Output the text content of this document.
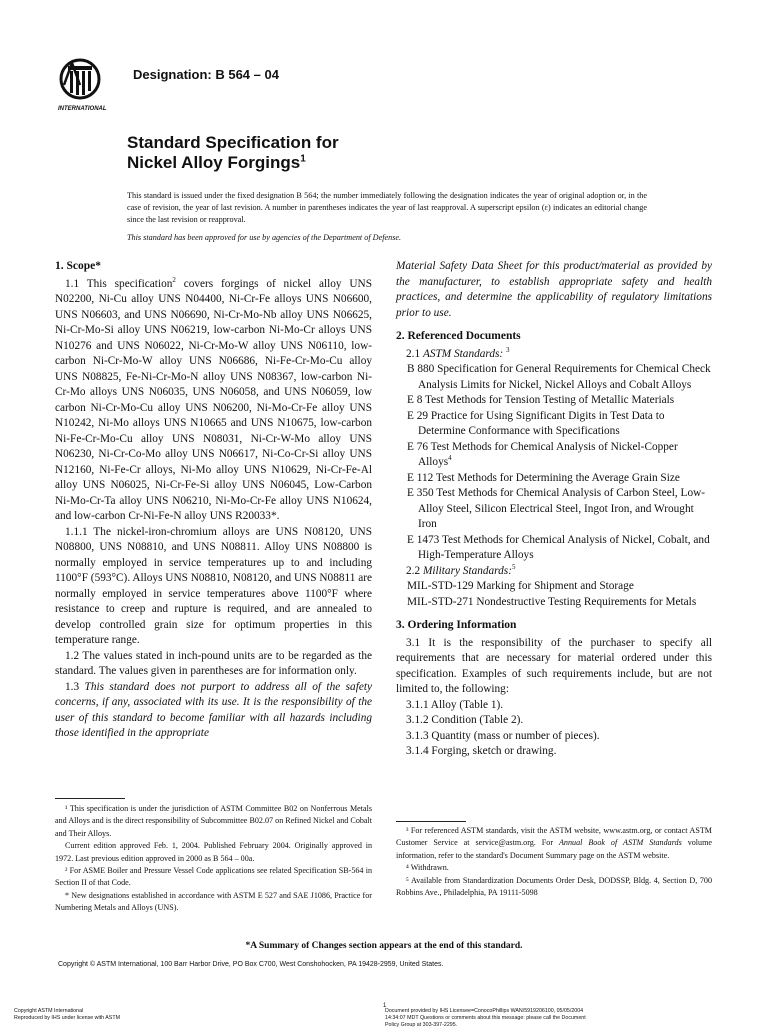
INTERNATIONAL
Designation: B 564 – 04
Standard Specification for
Nickel Alloy Forgings$^1$
This standard is issued under the fixed designation B 564; the number immediately following the designation indicates the year of original adoption or, in the case of revision, the year of last revision. A number in parentheses indicates the year of last reapproval. A superscript epsilon (ε) indicates an editorial change since the last revision or reapproval.
This standard has been approved for use by agencies of the Department of Defense.

1. Scope*

1.1 This specification$^2$ covers forgings of nickel alloy UNS N02200, Ni-Cu alloy UNS N04400, Ni-Cr-Fe alloys UNS N06600, UNS N06603, and UNS N06690, Ni-Cr-Mo-Nb alloy UNS N06625, Ni-Cr-Mo-Si alloy UNS N06219, low-carbon Ni-Mo-Cr alloys UNS N10276 and UNS N06022, Ni-Cr-Mo-W alloy UNS N06110, low-carbon Ni-Cr-Mo-W alloy UNS N06686, Ni-Fe-Cr-Mo-Cu alloy UNS N08825, Fe-Ni-Cr-Mo-N alloy UNS N08367, low-carbon Ni-Cr-Mo alloys UNS N06035, UNS N06058, and UNS N06059, low carbon Ni-Cr-Mo-Cu alloy UNS N06200, Ni-Mo-Cr-Fe alloy UNS N10242, Ni-Mo alloys UNS N10665 and UNS N10675, low-carbon Ni-Fe-Cr-Mo-Cu alloy UNS N08031, Ni-Cr-W-Mo alloy UNS N06230, Ni-Cr-Co-Mo alloy UNS N06617, Ni-Co-Cr-Si alloy UNS N12160, Ni-Fe-Cr alloys, Ni-Mo alloy UNS N10629, Ni-Cr-Fe-Al alloy UNS N06025, Ni-Cr-Fe-Si alloy UNS N06045, Low-Carbon Ni-Mo-Cr-Ta alloy UNS N06210, Ni-Mo-Cr-Fe alloy UNS N10624, and low-carbon Cr-Ni-Fe-N alloy UNS R20033*.

1.1.1 The nickel-iron-chromium alloys are UNS N08120, UNS N08800, UNS N08810, and UNS N08811. Alloy UNS N08800 is normally employed in service temperatures up to and including 1100°F (593°C). Alloys UNS N08810, N08120, and UNS N08811 are normally employed in service temperatures above 1100°F where resistance to creep and rupture is required, and are annealed to develop controlled grain size for optimum properties in this temperature range.

1.2 The values stated in inch-pound units are to be regarded as the standard. The values given in parentheses are for information only.

1.3 This standard does not purport to address all of the safety concerns, if any, associated with its use. It is the responsibility of the user of this standard to become familiar with all hazards including those identified in the appropriate

Material Safety Data Sheet for this product/material as provided by the manufacturer, to establish appropriate safety and health practices, and determine the applicability of regulatory limitations prior to use.

2. Referenced Documents

2.1 ASTM Standards: $^3$

B 880 Specification for General Requirements for Chemical Check Analysis Limits for Nickel, Nickel Alloys and Cobalt Alloys

E 8 Test Methods for Tension Testing of Metallic Materials

E 29 Practice for Using Significant Digits in Test Data to Determine Conformance with Specifications

E 76 Test Methods for Chemical Analysis of Nickel-Copper Alloys$^4$

E 112 Test Methods for Determining the Average Grain Size

E 350 Test Methods for Chemical Analysis of Carbon Steel, Low-Alloy Steel, Silicon Electrical Steel, Ingot Iron, and Wrought Iron

E 1473 Test Methods for Chemical Analysis of Nickel, Cobalt, and High-Temperature Alloys

2.2 Military Standards:$^5$

MIL-STD-129 Marking for Shipment and Storage

MIL-STD-271 Nondestructive Testing Requirements for Metals

3. Ordering Information

3.1 It is the responsibility of the purchaser to specify all requirements that are necessary for material ordered under this specification. Examples of such requirements include, but are not limited to, the following:

3.1.1 Alloy (Table 1).

3.1.2 Condition (Table 2).

3.1.3 Quantity (mass or number of pieces).

3.1.4 Forging, sketch or drawing.

¹ This specification is under the jurisdiction of ASTM Committee B02 on Nonferrous Metals and Alloys and is the direct responsibility of Subcommittee B02.07 on Refined Nickel and Cobalt and Their Alloys.

Current edition approved Feb. 1, 2004. Published February 2004. Originally approved in 1972. Last previous edition approved in 2000 as B 564 – 00a.

² For ASME Boiler and Pressure Vessel Code applications see related Specification SB-564 in Section II of that Code.

* New designations established in accordance with ASTM E 527 and SAE J1086, Practice for Numbering Metals and Alloys (UNS).

³ For referenced ASTM standards, visit the ASTM website, www.astm.org, or contact ASTM Customer Service at service@astm.org. For Annual Book of ASTM Standards volume information, refer to the standard's Document Summary page on the ASTM website.

⁴ Withdrawn.

⁵ Available from Standardization Documents Order Desk, DODSSP, Bldg. 4, Section D, 700 Robbins Ave., Philadelphia, PA 19111-5098

*A Summary of Changes section appears at the end of this standard.
Copyright © ASTM International, 100 Barr Harbor Drive, PO Box C700, West Conshohocken, PA 19428-2959, United States.
Copyright ASTM International
Reproduced by IHS under license with ASTM
1
Document provided by IHS Licensee=ConocoPhillips WAN/5919206100, 05/05/2004
14:34:07 MDT Questions or comments about this message: please call the Document
Policy Group at 303-397-2295.
